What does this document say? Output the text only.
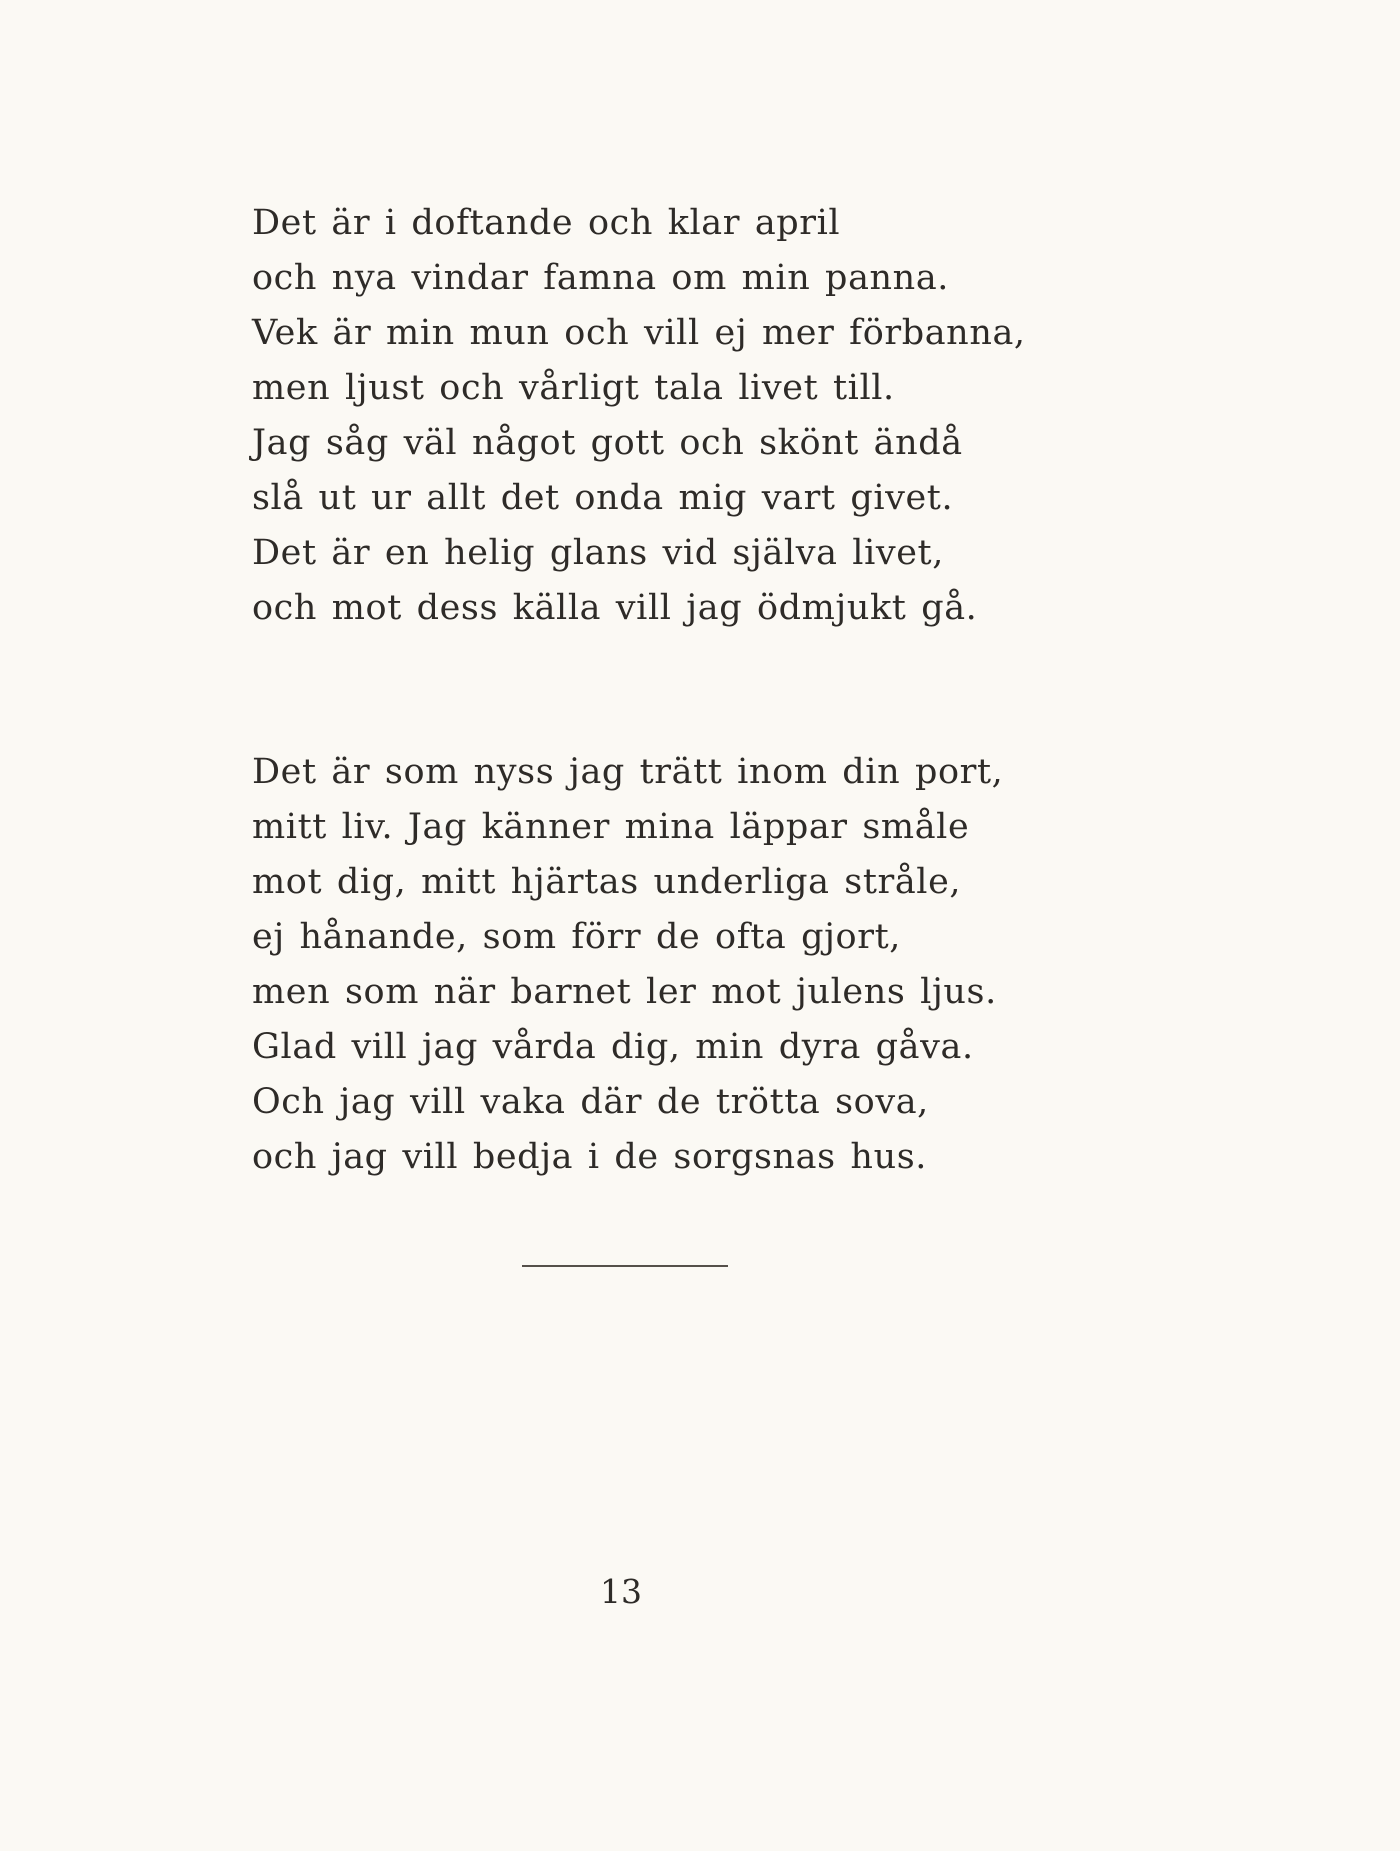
Det är i doftande och klar april
och nya vindar famna om min panna.
Vek är min mun och vill ej mer förbanna,
men ljust och vårligt tala livet till.
Jag såg väl något gott och skönt ändå
slå ut ur allt det onda mig vart givet.
Det är en helig glans vid själva livet,
och mot dess källa vill jag ödmjukt gå.
Det är som nyss jag trätt inom din port,
mitt liv. Jag känner mina läppar småle
mot dig, mitt hjärtas underliga stråle,
ej hånande, som förr de ofta gjort,
men som när barnet ler mot julens ljus.
Glad vill jag vårda dig, min dyra gåva.
Och jag vill vaka där de trötta sova,
och jag vill bedja i de sorgsnas hus.
13
